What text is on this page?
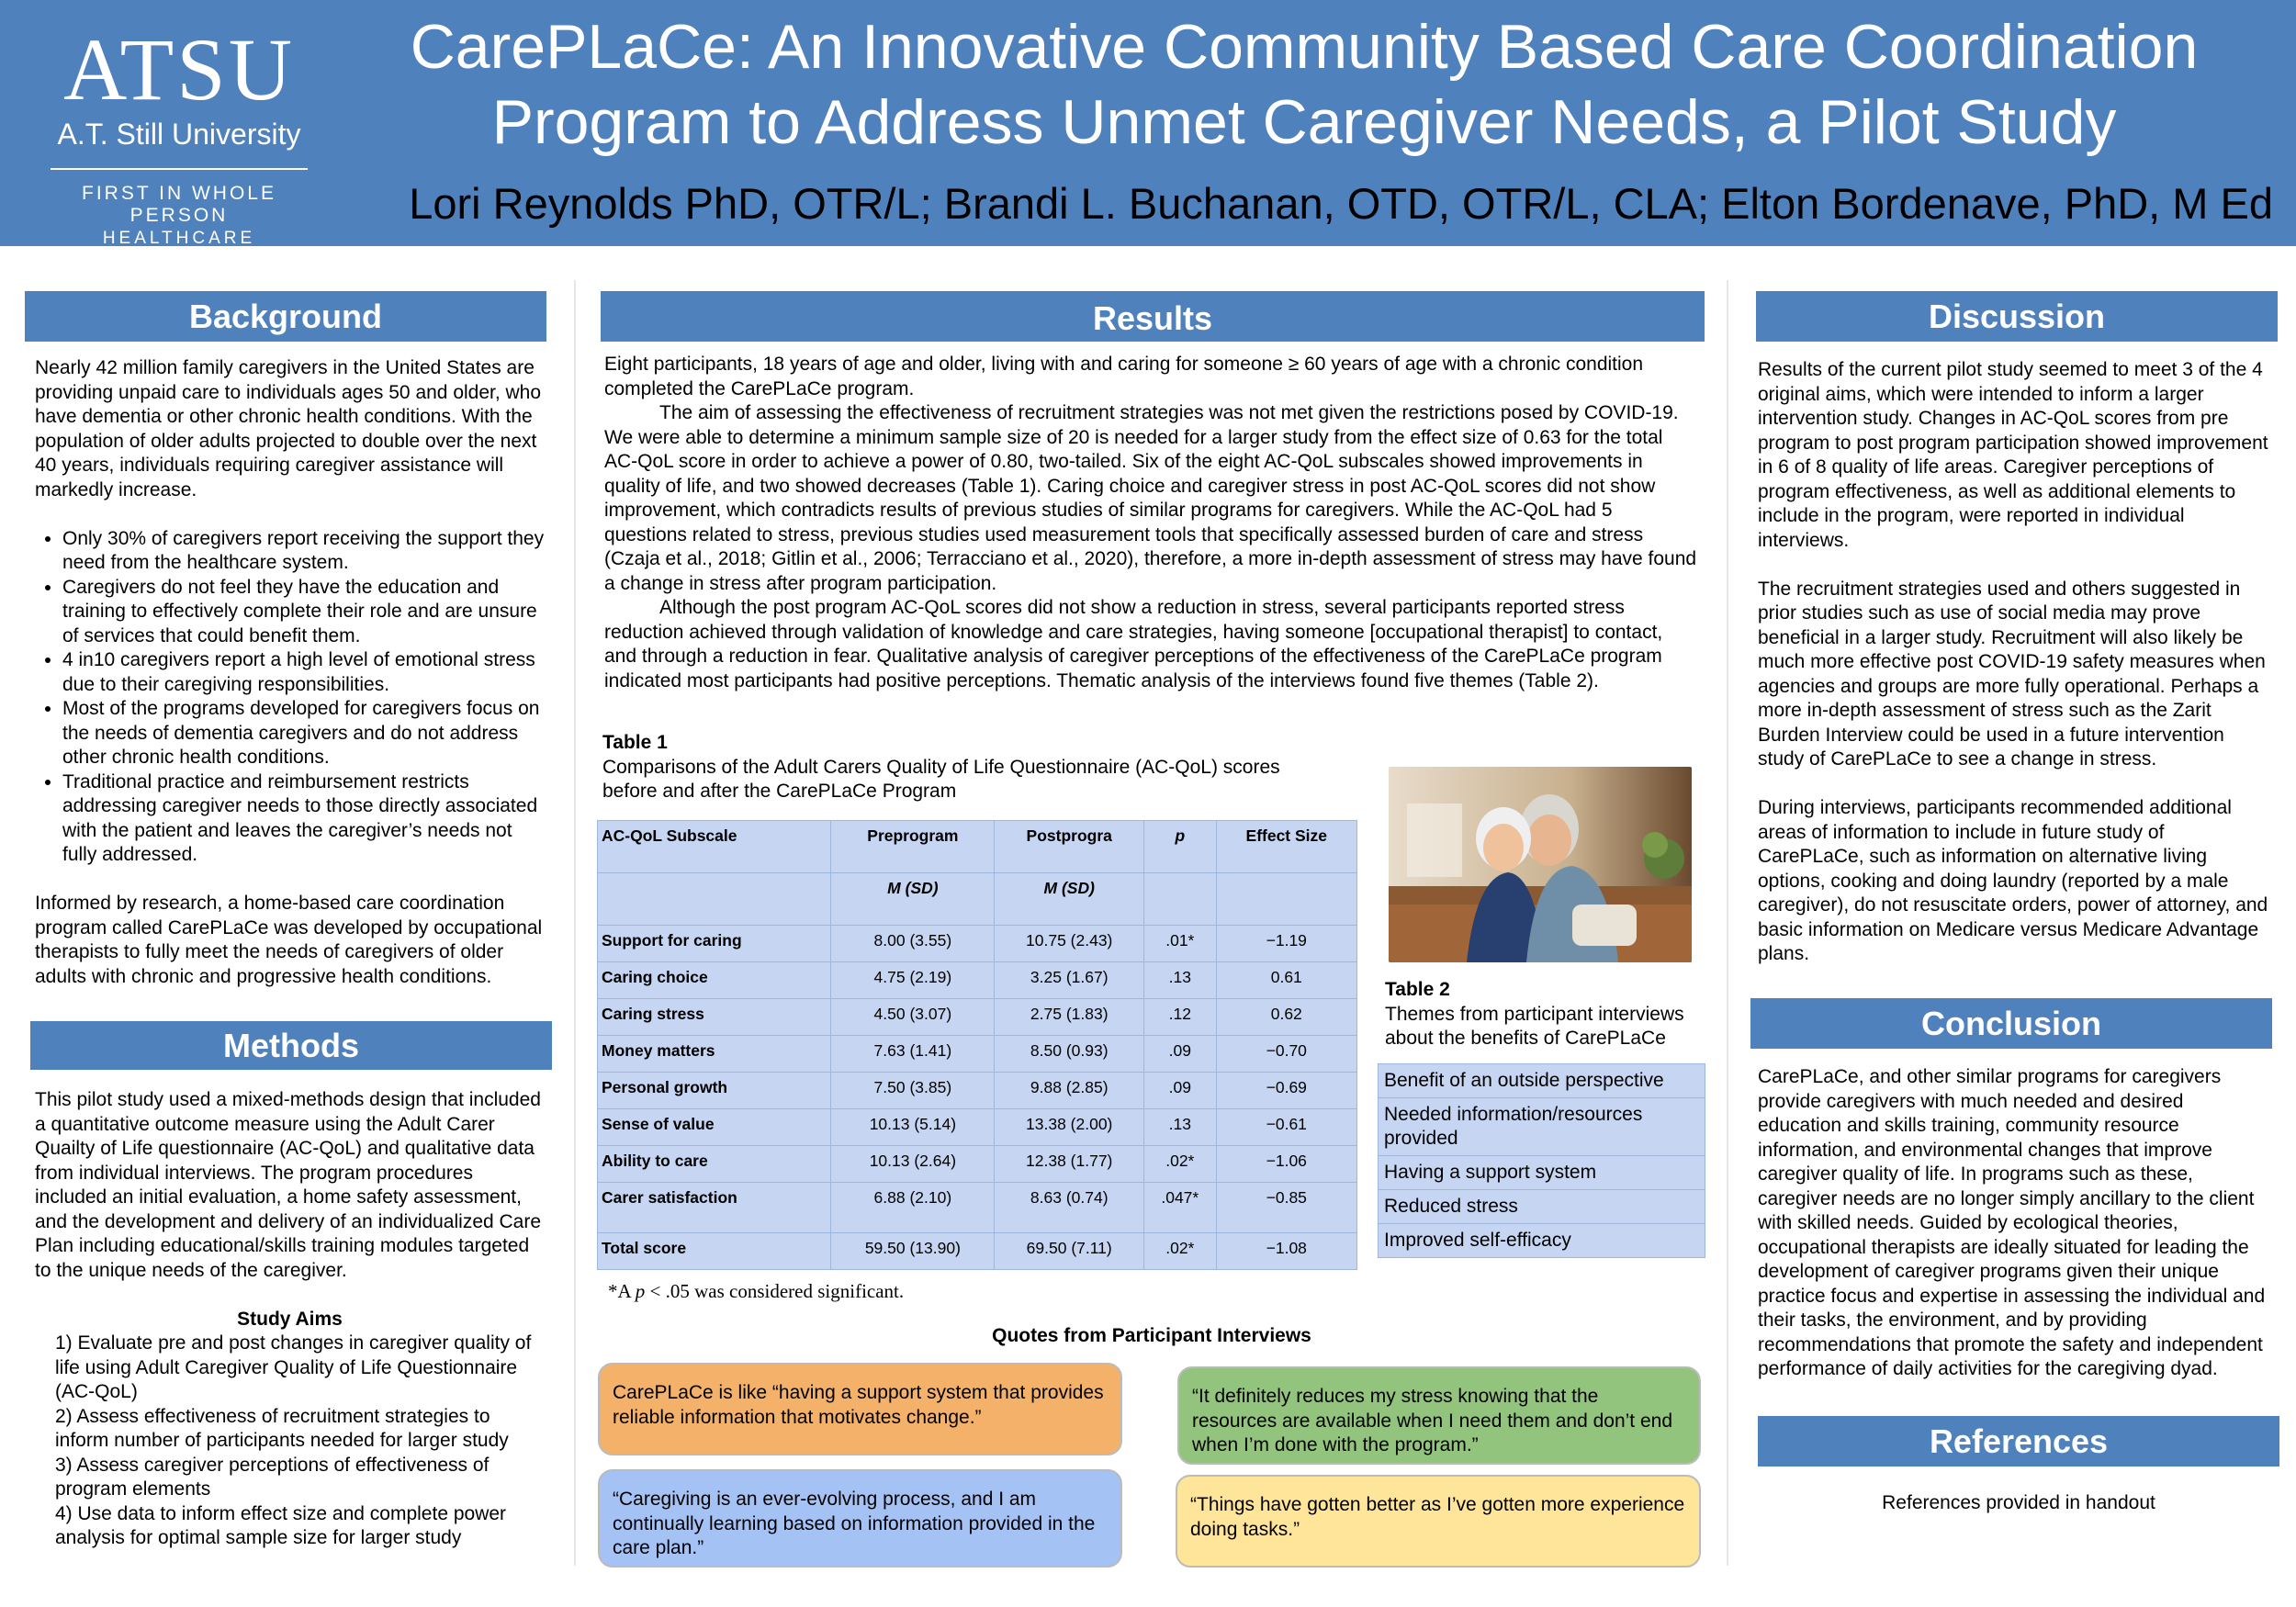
ATSU
A.T. Still University
FIRST IN WHOLE PERSON
HEALTHCARE
CarePLaCe: An Innovative Community Based Care Coordination
Program to Address Unmet Caregiver Needs, a Pilot Study
Lori Reynolds PhD, OTR/L; Brandi L. Buchanan, OTD, OTR/L, CLA; Elton Bordenave, PhD, M Ed
Background

Nearly 42 million family caregivers in the United States are providing unpaid care to individuals ages 50 and older, who have dementia or other chronic health conditions. With the population of older adults projected to double over the next 40 years, individuals requiring caregiver assistance will markedly increase.

• Only 30% of caregivers report receiving the support they need from the healthcare system.
• Caregivers do not feel they have the education and training to effectively complete their role and are unsure of services that could benefit them.
• 4 in10 caregivers report a high level of emotional stress due to their caregiving responsibilities.
• Most of the programs developed for caregivers focus on the needs of dementia caregivers and do not address other chronic health conditions.
• Traditional practice and reimbursement restricts addressing caregiver needs to those directly associated with the patient and leaves the caregiver’s needs not fully addressed.

Informed by research, a home-based care coordination program called CarePLaCe was developed by occupational therapists to fully meet the needs of caregivers of older adults with chronic and progressive health conditions.

Methods

This pilot study used a mixed-methods design that included a quantitative outcome measure using the Adult Carer Quailty of Life questionnaire (AC-QoL) and qualitative data from individual interviews. The program procedures included an initial evaluation, a home safety assessment, and the development and delivery of an individualized Care Plan including educational/skills training modules targeted to the unique needs of the caregiver.

Study Aims

1) Evaluate pre and post changes in caregiver quality of life using Adult Caregiver Quality of Life Questionnaire (AC-QoL)

2) Assess effectiveness of recruitment strategies to inform number of participants needed for larger study

3) Assess caregiver perceptions of effectiveness of program elements

4) Use data to inform effect size and complete power analysis for optimal sample size for larger study

Results

Eight participants, 18 years of age and older, living with and caring for someone ≥ 60 years of age with a chronic condition completed the CarePLaCe program.

The aim of assessing the effectiveness of recruitment strategies was not met given the restrictions posed by COVID-19. We were able to determine a minimum sample size of 20 is needed for a larger study from the effect size of 0.63 for the total AC-QoL score in order to achieve a power of 0.80, two-tailed. Six of the eight AC-QoL subscales showed improvements in quality of life, and two showed decreases (Table 1). Caring choice and caregiver stress in post AC-QoL scores did not show improvement, which contradicts results of previous studies of similar programs for caregivers. While the AC-QoL had 5 questions related to stress, previous studies used measurement tools that specifically assessed burden of care and stress (Czaja et al., 2018; Gitlin et al., 2006; Terracciano et al., 2020), therefore, a more in-depth assessment of stress may have found a change in stress after program participation.

Although the post program AC-QoL scores did not show a reduction in stress, several participants reported stress reduction achieved through validation of knowledge and care strategies, having someone [occupational therapist] to contact, and through a reduction in fear. Qualitative analysis of caregiver perceptions of the effectiveness of the CarePLaCe program indicated most participants had positive perceptions. Thematic analysis of the interviews found five themes (Table 2).

Table 1

Comparisons of the Adult Carers Quality of Life Questionnaire (AC-QoL) scores

before and after the CarePLaCe Program

AC-QoL Subscale	Preprogram	Postprogra	p	Effect Size
	M (SD)	M (SD)		
Support for caring	8.00 (3.55)	10.75 (2.43)	.01*	−1.19
Caring choice	4.75 (2.19)	3.25 (1.67)	.13	0.61
Caring stress	4.50 (3.07)	2.75 (1.83)	.12	0.62
Money matters	7.63 (1.41)	8.50 (0.93)	.09	−0.70
Personal growth	7.50 (3.85)	9.88 (2.85)	.09	−0.69
Sense of value	10.13 (5.14)	13.38 (2.00)	.13	−0.61
Ability to care	10.13 (2.64)	12.38 (1.77)	.02*	−1.06
Carer satisfaction	6.88 (2.10)	8.63 (0.74)	.047*	−0.85
Total score	59.50 (13.90)	69.50 (7.11)	.02*	−1.08
*A p < .05 was considered significant.

Table 2

Themes from participant interviews about the benefits of CarePLaCe

Benefit of an outside perspective
Needed information/resources provided
Having a support system
Reduced stress
Improved self-efficacy
Quotes from Participant Interviews
CarePLaCe is like “having a support system that provides reliable information that motivates change.”
“It definitely reduces my stress knowing that the resources are available when I need them and don’t end when I’m done with the program.”
“Caregiving is an ever-evolving process, and I am continually learning based on information provided in the care plan.”
“Things have gotten better as I’ve gotten more experience doing tasks.”
Discussion

Results of the current pilot study seemed to meet 3 of the 4 original aims, which were intended to inform a larger intervention study. Changes in AC-QoL scores from pre program to post program participation showed improvement in 6 of 8 quality of life areas. Caregiver perceptions of program effectiveness, as well as additional elements to include in the program, were reported in individual interviews.

The recruitment strategies used and others suggested in prior studies such as use of social media may prove beneficial in a larger study. Recruitment will also likely be much more effective post COVID-19 safety measures when agencies and groups are more fully operational. Perhaps a more in-depth assessment of stress such as the Zarit Burden Interview could be used in a future intervention study of CarePLaCe to see a change in stress.

During interviews, participants recommended additional areas of information to include in future study of CarePLaCe, such as information on alternative living options, cooking and doing laundry (reported by a male caregiver), do not resuscitate orders, power of attorney, and basic information on Medicare versus Medicare Advantage plans.

Conclusion

CarePLaCe, and other similar programs for caregivers provide caregivers with much needed and desired education and skills training, community resource information, and environmental changes that improve caregiver quality of life. In programs such as these, caregiver needs are no longer simply ancillary to the client with skilled needs. Guided by ecological theories, occupational therapists are ideally situated for leading the development of caregiver programs given their unique practice focus and expertise in assessing the individual and their tasks, the environment, and by providing recommendations that promote the safety and independent performance of daily activities for the caregiving dyad.

References
References provided in handout
